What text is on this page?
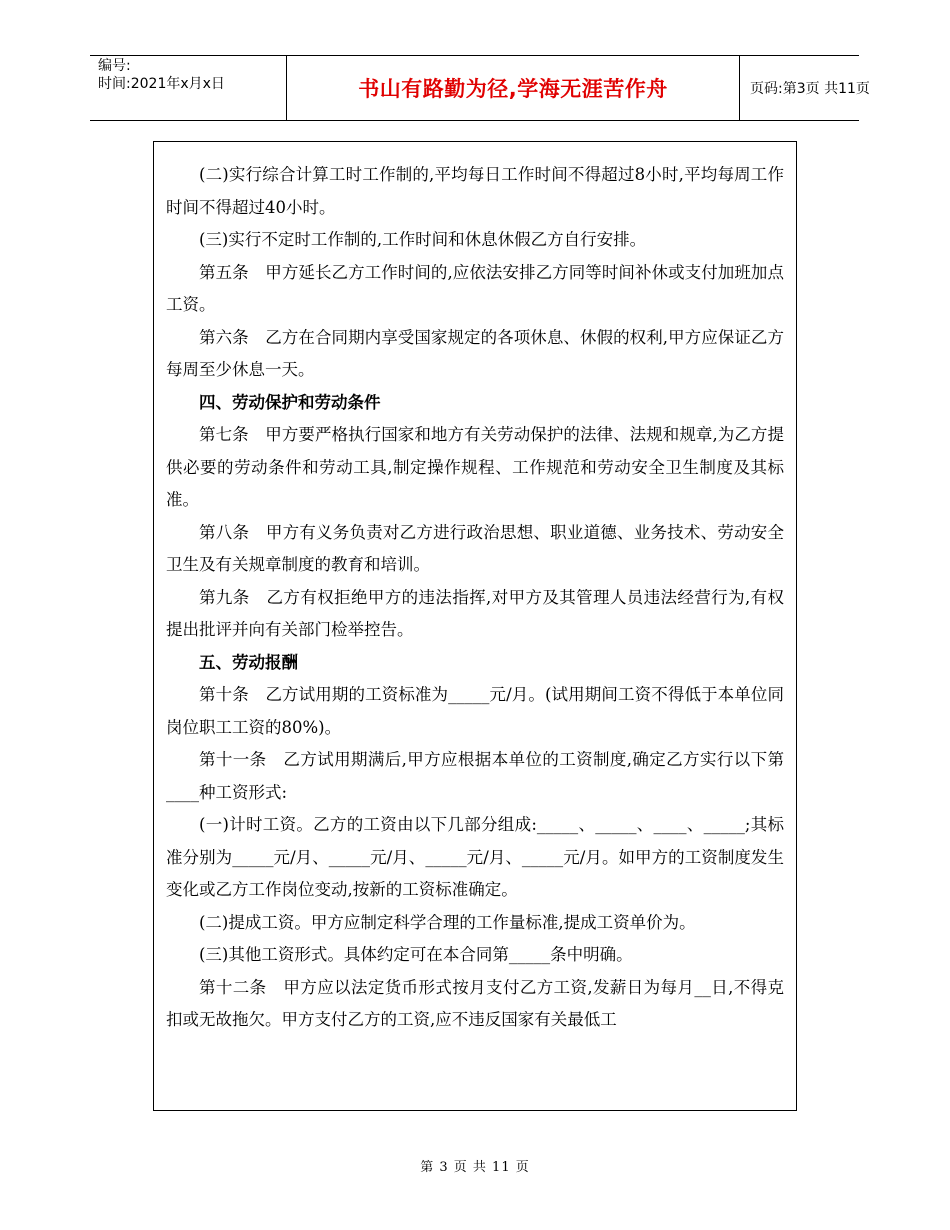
编号:
时间:2021年x月x日	书山有路勤为径,学海无涯苦作舟	页码:第3页 共11页

(二)实行综合计算工时工作制的,平均每日工作时间不得超过8小时,平均每周工作时间不得超过40小时。

(三)实行不定时工作制的,工作时间和休息休假乙方自行安排。

第五条　甲方延长乙方工作时间的,应依法安排乙方同等时间补休或支付加班加点工资。

第六条　乙方在合同期内享受国家规定的各项休息、休假的权利,甲方应保证乙方每周至少休息一天。

四、劳动保护和劳动条件

第七条　甲方要严格执行国家和地方有关劳动保护的法律、法规和规章,为乙方提供必要的劳动条件和劳动工具,制定操作规程、工作规范和劳动安全卫生制度及其标准。

第八条　甲方有义务负责对乙方进行政治思想、职业道德、业务技术、劳动安全卫生及有关规章制度的教育和培训。

第九条　乙方有权拒绝甲方的违法指挥,对甲方及其管理人员违法经营行为,有权提出批评并向有关部门检举控告。

五、劳动报酬

第十条　乙方试用期的工资标准为_____元/月。(试用期间工资不得低于本单位同岗位职工工资的80%)。

第十一条　乙方试用期满后,甲方应根据本单位的工资制度,确定乙方实行以下第____种工资形式:

(一)计时工资。乙方的工资由以下几部分组成:_____、_____、____、_____;其标准分别为_____元/月、_____元/月、_____元/月、_____元/月。如甲方的工资制度发生变化或乙方工作岗位变动,按新的工资标准确定。

(二)提成工资。甲方应制定科学合理的工作量标准,提成工资单价为。

(三)其他工资形式。具体约定可在本合同第_____条中明确。

第十二条　甲方应以法定货币形式按月支付乙方工资,发薪日为每月__日,不得克扣或无故拖欠。甲方支付乙方的工资,应不违反国家有关最低工

第 3 页 共 11 页
